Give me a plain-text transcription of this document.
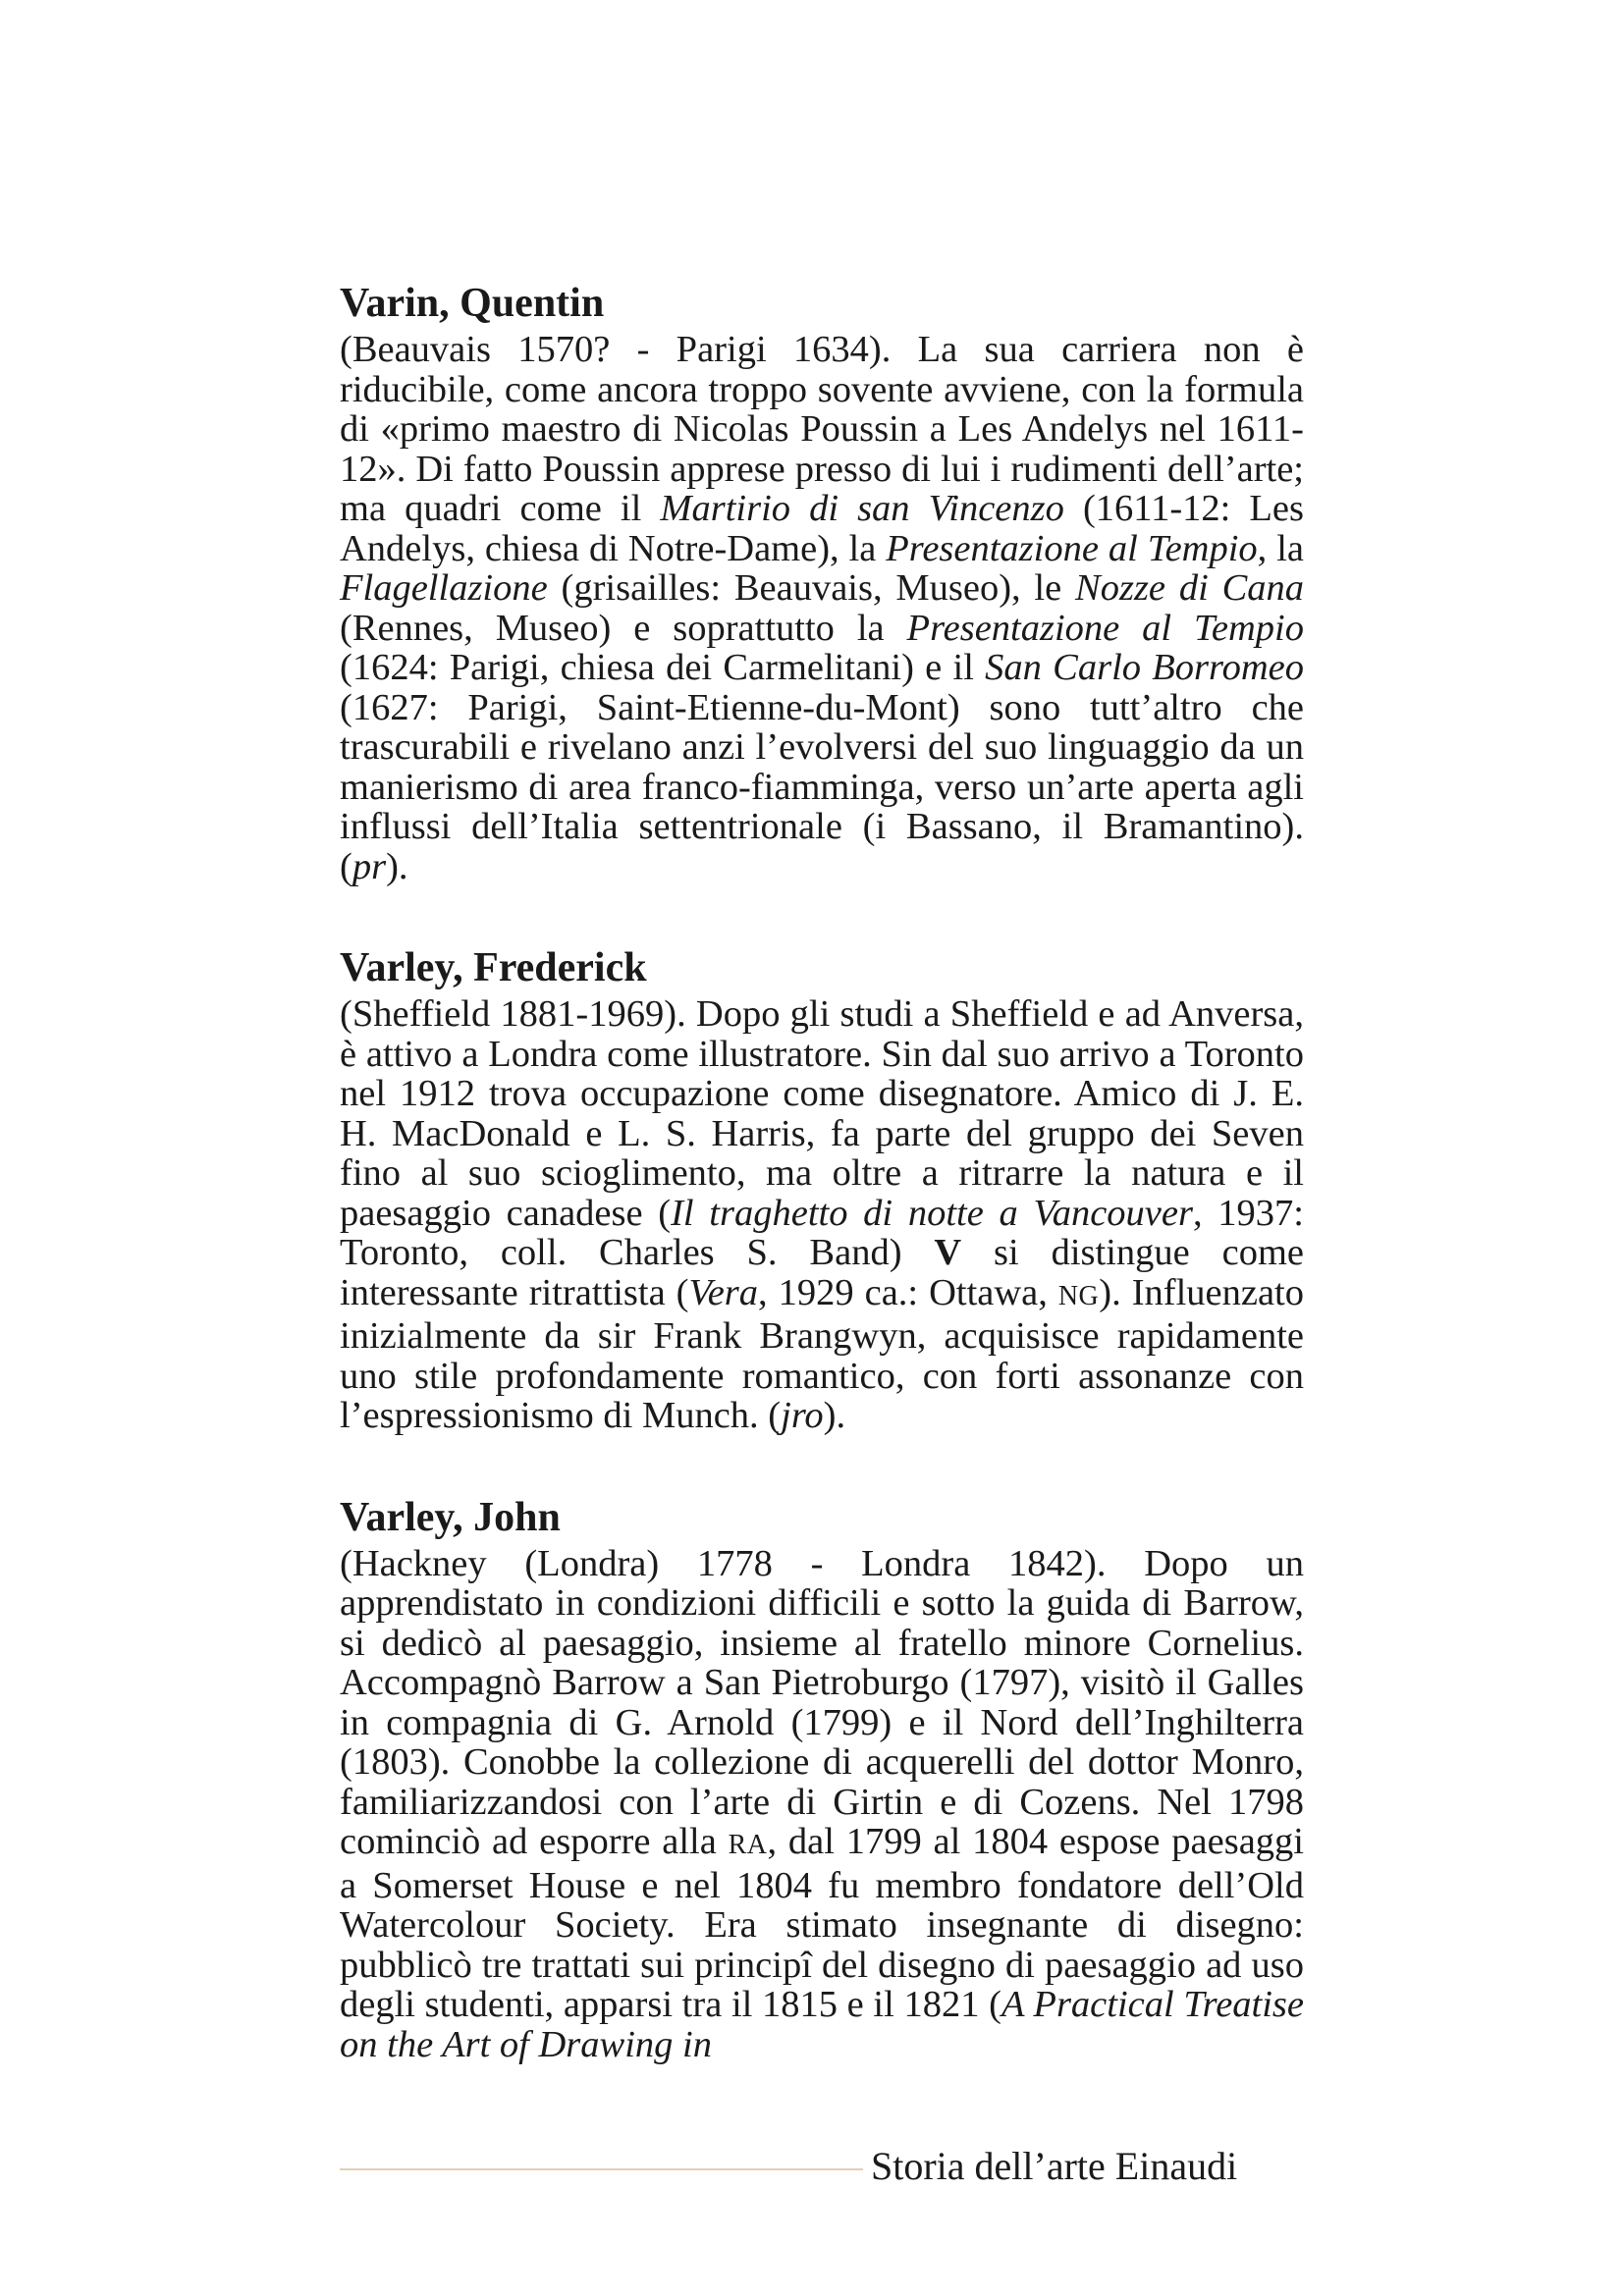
Varin, Quentin

(Beauvais 1570? - Parigi 1634). La sua carriera non è riducibile, come ancora troppo sovente avviene, con la formula di «primo maestro di Nicolas Poussin a Les Andelys nel 1611-12». Di fatto Poussin apprese presso di lui i rudimenti dell’arte; ma quadri come il Martirio di san Vincenzo (1611-12: Les Andelys, chiesa di Notre-Dame), la Presentazione al Tempio, la Flagellazione (grisailles: Beauvais, Museo), le Nozze di Cana (Rennes, Museo) e soprattutto la Presentazione al Tempio (1624: Parigi, chiesa dei Carmelitani) e il San Carlo Borromeo (1627: Parigi, Saint-Etienne-du-Mont) sono tutt’altro che trascurabili e rivelano anzi l’evolversi del suo linguaggio da un manierismo di area franco-fiamminga, verso un’arte aperta agli influssi dell’Italia settentrionale (i Bassano, il Bramantino). (pr).

Varley, Frederick

(Sheffield 1881-1969). Dopo gli studi a Sheffield e ad Anversa, è attivo a Londra come illustratore. Sin dal suo arrivo a Toronto nel 1912 trova occupazione come disegnatore. Amico di J. E. H. MacDonald e L. S. Harris, fa parte del gruppo dei Seven fino al suo scioglimento, ma oltre a ritrarre la natura e il paesaggio canadese (Il traghetto di notte a Vancouver, 1937: Toronto, coll. Charles S. Band) V si distingue come interessante ritrattista (Vera, 1929 ca.: Ottawa, NG). Influenzato inizialmente da sir Frank Brangwyn, acquisisce rapidamente uno stile profondamente romantico, con forti assonanze con l’espressionismo di Munch. (jro).

Varley, John

(Hackney (Londra) 1778 - Londra 1842). Dopo un apprendistato in condizioni difficili e sotto la guida di Barrow, si dedicò al paesaggio, insieme al fratello minore Cornelius. Accompagnò Barrow a San Pietroburgo (1797), visitò il Galles in compagnia di G. Arnold (1799) e il Nord dell’Inghilterra (1803). Conobbe la collezione di acquerelli del dottor Monro, familiarizzandosi con l’arte di Girtin e di Cozens. Nel 1798 cominciò ad esporre alla RA, dal 1799 al 1804 espose paesaggi a Somerset House e nel 1804 fu membro fondatore dell’Old Watercolour Society. Era stimato insegnante di disegno: pubblicò tre trattati sui principî del disegno di paesaggio ad uso degli studenti, apparsi tra il 1815 e il 1821 (A Practical Treatise on the Art of Drawing in

Storia dell’arte Einaudi
